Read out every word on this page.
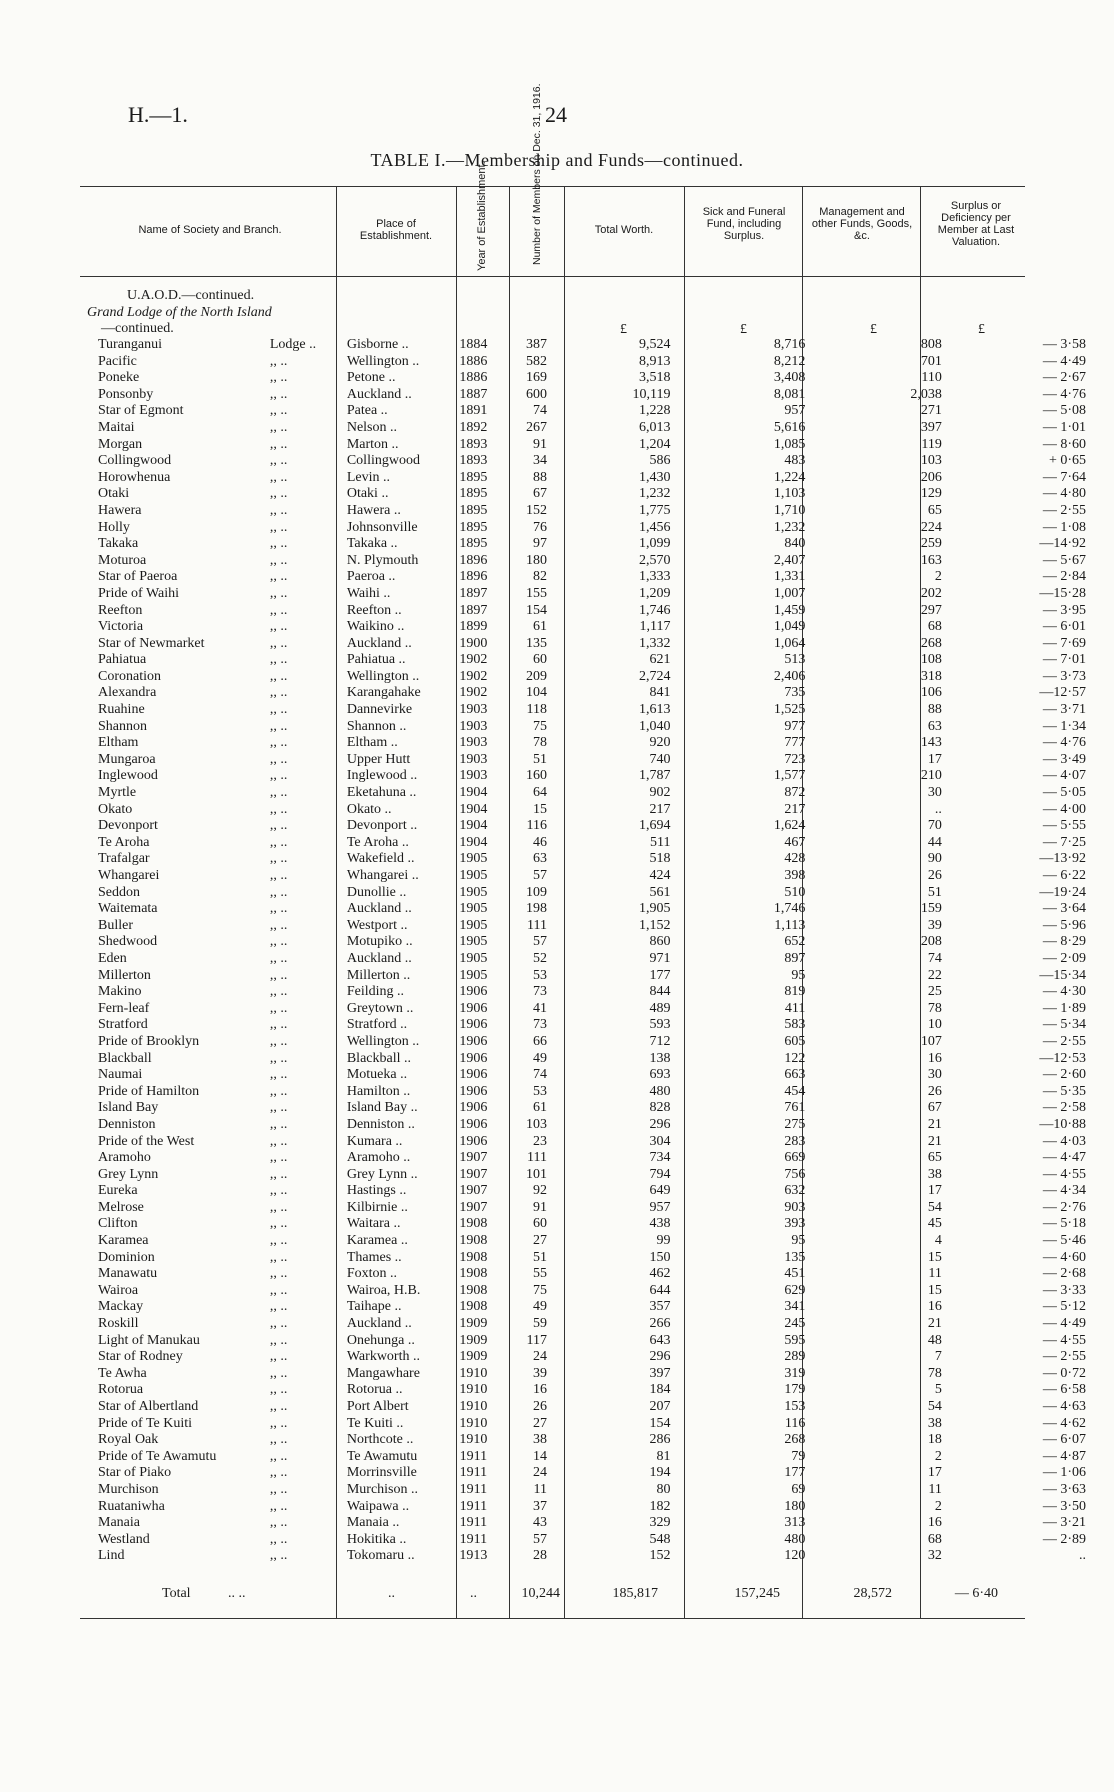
H.—1.	24
TABLE I.—Membership and Funds—continued.
Name of Society and Branch.	Place of Establishment.	Year of Establishment.	Number of Members on Dec. 31, 1916.	Total Worth.
Sick and Funeral Fund, including Surplus.
Management and other Funds, Goods, &c.
Surplus or Deficiency per Member at Last Valuation.
U.A.O.D.—continued.
Grand Lodge of the North Island
—continued.	£	£	£	£
Turanganui	Lodge ..	Gisborne ..	1884	387	9,524	8,716	808	— 3·58
Pacific	,, ..	Wellington ..	1886	582	8,913	8,212	701	— 4·49
Poneke	,, ..	Petone ..	1886	169	3,518	3,408	110	— 2·67
Ponsonby	,, ..	Auckland ..	1887	600	10,119	8,081	2,038	— 4·76
Star of Egmont	,, ..	Patea ..	1891	74	1,228	957	271	— 5·08
Maitai	,, ..	Nelson ..	1892	267	6,013	5,616	397	— 1·01
Morgan	,, ..	Marton ..	1893	91	1,204	1,085	119	— 8·60
Collingwood	,, ..	Collingwood	1893	34	586	483	103	+ 0·65
Horowhenua	,, ..	Levin ..	1895	88	1,430	1,224	206	— 7·64
Otaki	,, ..	Otaki ..	1895	67	1,232	1,103	129	— 4·80
Hawera	,, ..	Hawera ..	1895	152	1,775	1,710	65	— 2·55
Holly	,, ..	Johnsonville	1895	76	1,456	1,232	224	— 1·08
Takaka	,, ..	Takaka ..	1895	97	1,099	840	259	—14·92
Moturoa	,, ..	N. Plymouth	1896	180	2,570	2,407	163	— 5·67
Star of Paeroa	,, ..	Paeroa ..	1896	82	1,333	1,331	2	— 2·84
Pride of Waihi	,, ..	Waihi ..	1897	155	1,209	1,007	202	—15·28
Reefton	,, ..	Reefton ..	1897	154	1,746	1,459	297	— 3·95
Victoria	,, ..	Waikino ..	1899	61	1,117	1,049	68	— 6·01
Star of Newmarket	,, ..	Auckland ..	1900	135	1,332	1,064	268	— 7·69
Pahiatua	,, ..	Pahiatua ..	1902	60	621	513	108	— 7·01
Coronation	,, ..	Wellington ..	1902	209	2,724	2,406	318	— 3·73
Alexandra	,, ..	Karangahake	1902	104	841	735	106	—12·57
Ruahine	,, ..	Dannevirke	1903	118	1,613	1,525	88	— 3·71
Shannon	,, ..	Shannon ..	1903	75	1,040	977	63	— 1·34
Eltham	,, ..	Eltham ..	1903	78	920	777	143	— 4·76
Mungaroa	,, ..	Upper Hutt	1903	51	740	723	17	— 3·49
Inglewood	,, ..	Inglewood ..	1903	160	1,787	1,577	210	— 4·07
Myrtle	,, ..	Eketahuna ..	1904	64	902	872	30	— 5·05
Okato	,, ..	Okato ..	1904	15	217	217	..	— 4·00
Devonport	,, ..	Devonport ..	1904	116	1,694	1,624	70	— 5·55
Te Aroha	,, ..	Te Aroha ..	1904	46	511	467	44	— 7·25
Trafalgar	,, ..	Wakefield ..	1905	63	518	428	90	—13·92
Whangarei	,, ..	Whangarei ..	1905	57	424	398	26	— 6·22
Seddon	,, ..	Dunollie ..	1905	109	561	510	51	—19·24
Waitemata	,, ..	Auckland ..	1905	198	1,905	1,746	159	— 3·64
Buller	,, ..	Westport ..	1905	111	1,152	1,113	39	— 5·96
Shedwood	,, ..	Motupiko ..	1905	57	860	652	208	— 8·29
Eden	,, ..	Auckland ..	1905	52	971	897	74	— 2·09
Millerton	,, ..	Millerton ..	1905	53	177	95	22	—15·34
Makino	,, ..	Feilding ..	1906	73	844	819	25	— 4·30
Fern-leaf	,, ..	Greytown ..	1906	41	489	411	78	— 1·89
Stratford	,, ..	Stratford ..	1906	73	593	583	10	— 5·34
Pride of Brooklyn	,, ..	Wellington ..	1906	66	712	605	107	— 2·55
Blackball	,, ..	Blackball ..	1906	49	138	122	16	—12·53
Naumai	,, ..	Motueka ..	1906	74	693	663	30	— 2·60
Pride of Hamilton	,, ..	Hamilton ..	1906	53	480	454	26	— 5·35
Island Bay	,, ..	Island Bay ..	1906	61	828	761	67	— 2·58
Denniston	,, ..	Denniston ..	1906	103	296	275	21	—10·88
Pride of the West	,, ..	Kumara ..	1906	23	304	283	21	— 4·03
Aramoho	,, ..	Aramoho ..	1907	111	734	669	65	— 4·47
Grey Lynn	,, ..	Grey Lynn ..	1907	101	794	756	38	— 4·55
Eureka	,, ..	Hastings ..	1907	92	649	632	17	— 4·34
Melrose	,, ..	Kilbirnie ..	1907	91	957	903	54	— 2·76
Clifton	,, ..	Waitara ..	1908	60	438	393	45	— 5·18
Karamea	,, ..	Karamea ..	1908	27	99	95	4	— 5·46
Dominion	,, ..	Thames ..	1908	51	150	135	15	— 4·60
Manawatu	,, ..	Foxton ..	1908	55	462	451	11	— 2·68
Wairoa	,, ..	Wairoa, H.B.	1908	75	644	629	15	— 3·33
Mackay	,, ..	Taihape ..	1908	49	357	341	16	— 5·12
Roskill	,, ..	Auckland ..	1909	59	266	245	21	— 4·49
Light of Manukau	,, ..	Onehunga ..	1909	117	643	595	48	— 4·55
Star of Rodney	,, ..	Warkworth ..	1909	24	296	289	7	— 2·55
Te Awha	,, ..	Mangawhare	1910	39	397	319	78	— 0·72
Rotorua	,, ..	Rotorua ..	1910	16	184	179	5	— 6·58
Star of Albertland	,, ..	Port Albert	1910	26	207	153	54	— 4·63
Pride of Te Kuiti	,, ..	Te Kuiti ..	1910	27	154	116	38	— 4·62
Royal Oak	,, ..	Northcote ..	1910	38	286	268	18	— 6·07
Pride of Te Awamutu	,, ..	Te Awamutu	1911	14	81	79	2	— 4·87
Star of Piako	,, ..	Morrinsville	1911	24	194	177	17	— 1·06
Murchison	,, ..	Murchison ..	1911	11	80	69	11	— 3·63
Ruataniwha	,, ..	Waipawa ..	1911	37	182	180	2	— 3·50
Manaia	,, ..	Manaia ..	1911	43	329	313	16	— 3·21
Westland	,, ..	Hokitika ..	1911	57	548	480	68	— 2·89
Lind	,, ..	Tokomaru ..	1913	28	152	120	32	..
Total	.. ..	..	..	10,244	185,817	157,245	28,572	— 6·40
